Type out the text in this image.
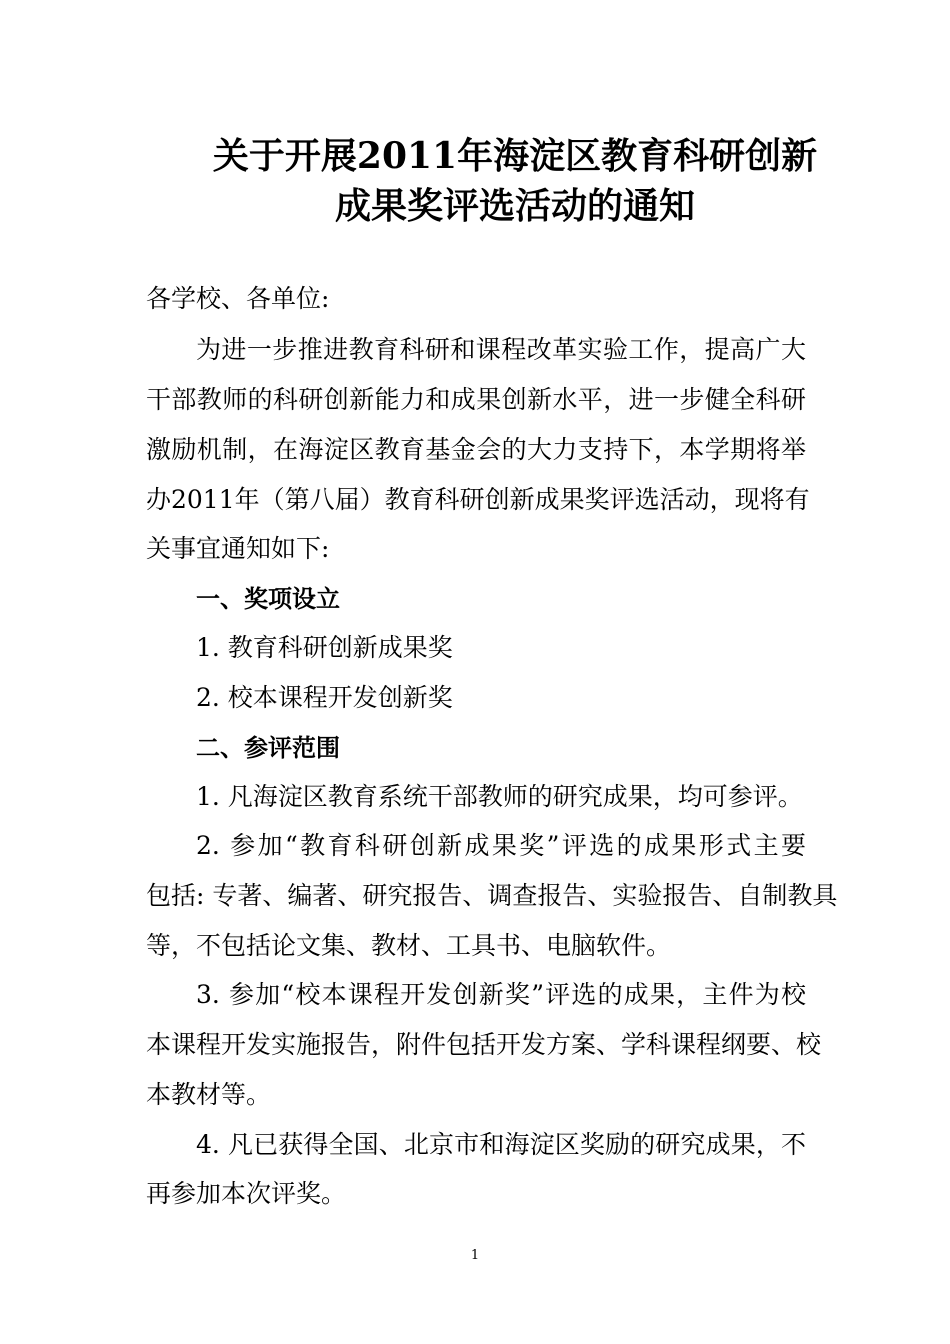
关于开展2011年海淀区教育科研创新
成果奖评选活动的通知
各学校、各单位:
为进一步推进教育科研和课程改革实验工作，提高广大
干部教师的科研创新能力和成果创新水平，进一步健全科研
激励机制，在海淀区教育基金会的大力支持下，本学期将举
办2011年（第八届）教育科研创新成果奖评选活动，现将有
关事宜通知如下:
一、奖项设立
1. 教育科研创新成果奖
2. 校本课程开发创新奖
二、参评范围
1. 凡海淀区教育系统干部教师的研究成果，均可参评。
2. 参加“教育科研创新成果奖”评选的成果形式主要
包括: 专著、编著、研究报告、调查报告、实验报告、自制教具
等，不包括论文集、教材、工具书、电脑软件。
3. 参加“校本课程开发创新奖”评选的成果，主件为校
本课程开发实施报告，附件包括开发方案、学科课程纲要、校
本教材等。
4. 凡已获得全国、北京市和海淀区奖励的研究成果，不
再参加本次评奖。
1
